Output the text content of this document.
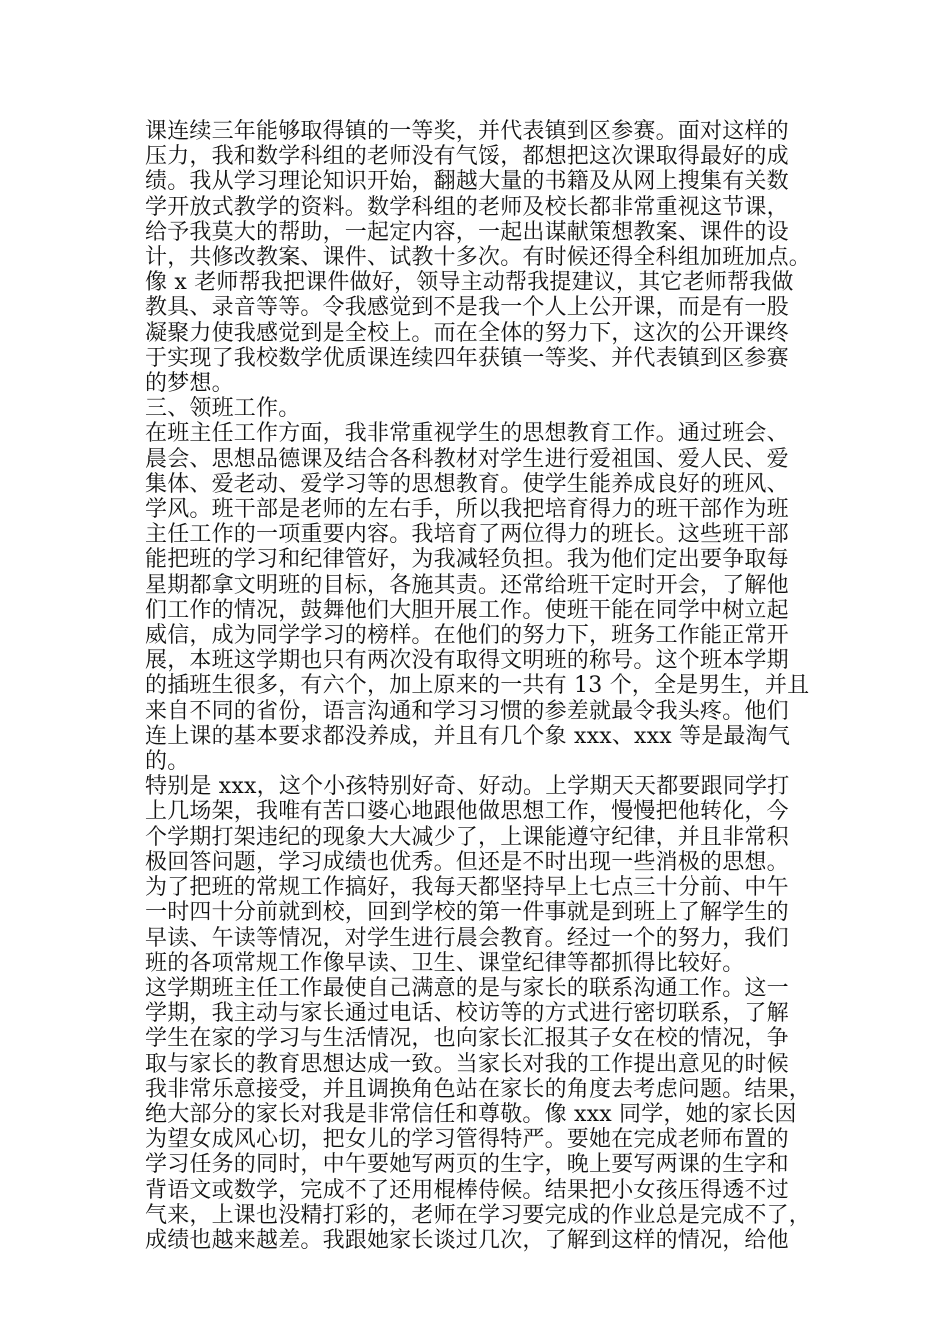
课连续三年能够取得镇的一等奖，并代表镇到区参赛。面对这样的
压力，我和数学科组的老师没有气馁，都想把这次课取得最好的成
绩。我从学习理论知识开始，翻越大量的书籍及从网上搜集有关数
学开放式教学的资料。数学科组的老师及校长都非常重视这节课，
给予我莫大的帮助，一起定内容，一起出谋献策想教案、课件的设
计，共修改教案、课件、试教十多次。有时候还得全科组加班加点。
像 x 老师帮我把课件做好，领导主动帮我提建议，其它老师帮我做
教具、录音等等。令我感觉到不是我一个人上公开课，而是有一股
凝聚力使我感觉到是全校上。而在全体的努力下，这次的公开课终
于实现了我校数学优质课连续四年获镇一等奖、并代表镇到区参赛
的梦想。

三、领班工作。

在班主任工作方面，我非常重视学生的思想教育工作。通过班会、
晨会、思想品德课及结合各科教材对学生进行爱祖国、爱人民、爱
集体、爱老动、爱学习等的思想教育。使学生能养成良好的班风、
学风。班干部是老师的左右手，所以我把培育得力的班干部作为班
主任工作的一项重要内容。我培育了两位得力的班长。这些班干部
能把班的学习和纪律管好，为我减轻负担。我为他们定出要争取每
星期都拿文明班的目标，各施其责。还常给班干定时开会，了解他
们工作的情况，鼓舞他们大胆开展工作。使班干能在同学中树立起
威信，成为同学学习的榜样。在他们的努力下，班务工作能正常开
展，本班这学期也只有两次没有取得文明班的称号。这个班本学期
的插班生很多，有六个，加上原来的一共有 13 个，全是男生，并且
来自不同的省份，语言沟通和学习习惯的参差就最令我头疼。他们
连上课的基本要求都没养成，并且有几个象 xxx、xxx 等是最淘气的。
特别是 xxx，这个小孩特别好奇、好动。上学期天天都要跟同学打
上几场架，我唯有苦口婆心地跟他做思想工作，慢慢把他转化，今
个学期打架违纪的现象大大减少了，上课能遵守纪律，并且非常积
极回答问题，学习成绩也优秀。但还是不时出现一些消极的思想。
为了把班的常规工作搞好，我每天都坚持早上七点三十分前、中午
一时四十分前就到校，回到学校的第一件事就是到班上了解学生的
早读、午读等情况，对学生进行晨会教育。经过一个的努力，我们
班的各项常规工作像早读、卫生、课堂纪律等都抓得比较好。

这学期班主任工作最使自己满意的是与家长的联系沟通工作。这一
学期，我主动与家长通过电话、校访等的方式进行密切联系，了解
学生在家的学习与生活情况，也向家长汇报其子女在校的情况，争
取与家长的教育思想达成一致。当家长对我的工作提出意见的时候
我非常乐意接受，并且调换角色站在家长的角度去考虑问题。结果，
绝大部分的家长对我是非常信任和尊敬。像 xxx 同学，她的家长因
为望女成风心切，把女儿的学习管得特严。要她在完成老师布置的
学习任务的同时，中午要她写两页的生字，晚上要写两课的生字和
背语文或数学，完成不了还用棍棒侍候。结果把小女孩压得透不过
气来，上课也没精打彩的，老师在学习要完成的作业总是完成不了，
成绩也越来越差。我跟她家长谈过几次，了解到这样的情况，给他
